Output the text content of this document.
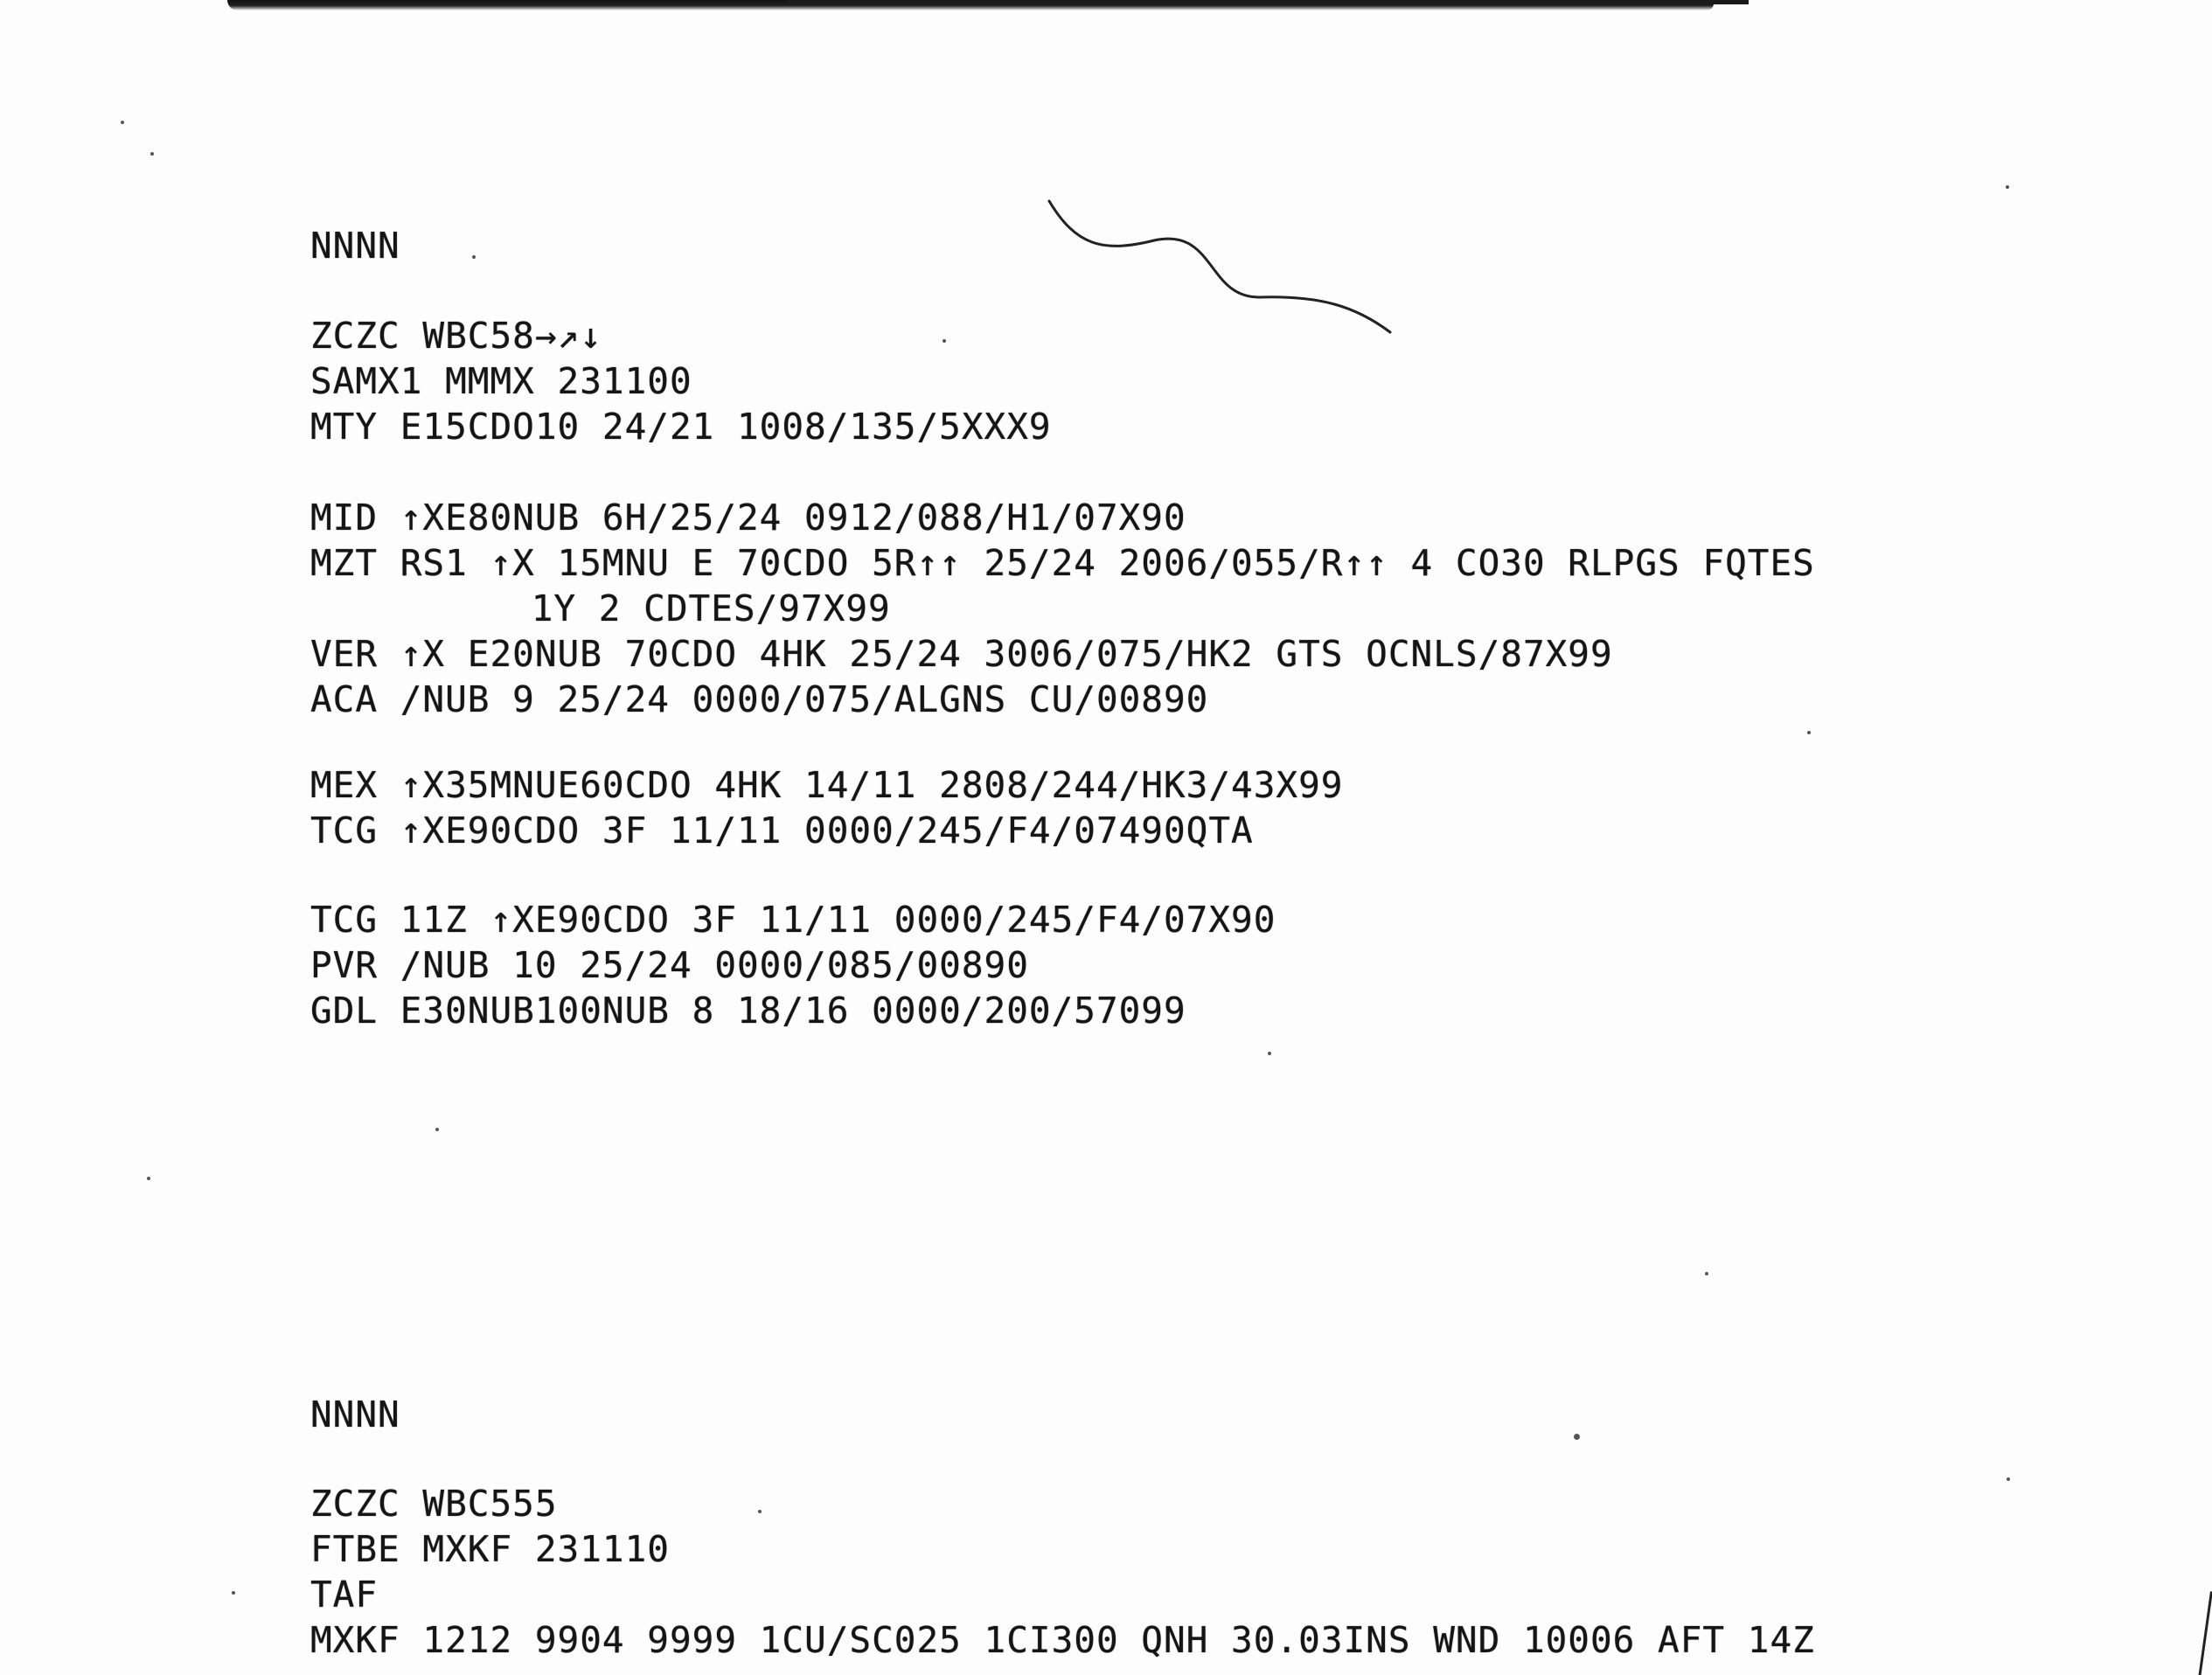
NNNN
ZCZC WBC58→↗↓
SAMX1 MMMX 231100
MTY E15CDO10 24/21 1008/135/5XXX9
MID ↑XE80NUB 6H/25/24 0912/088/H1/07X90
MZT RS1 ↑X 15MNU E 70CDO 5R↑↑ 25/24 2006/055/R↑↑ 4 CO30 RLPGS FQTES
1Y 2 CDTES/97X99
VER ↑X E20NUB 70CDO 4HK 25/24 3006/075/HK2 GTS OCNLS/87X99
ACA /NUB 9 25/24 0000/075/ALGNS CU/00890
MEX ↑X35MNUE60CDO 4HK 14/11 2808/244/HK3/43X99
TCG ↑XE90CDO 3F 11/11 0000/245/F4/07490QTA
TCG 11Z ↑XE90CDO 3F 11/11 0000/245/F4/07X90
PVR /NUB 10 25/24 0000/085/00890
GDL E30NUB100NUB 8 18/16 0000/200/57099
NNNN
ZCZC WBC555
FTBE MXKF 231110
TAF
MXKF 1212 9904 9999 1CU/SC025 1CI300 QNH 30.03INS WND 10006 AFT 14Z
